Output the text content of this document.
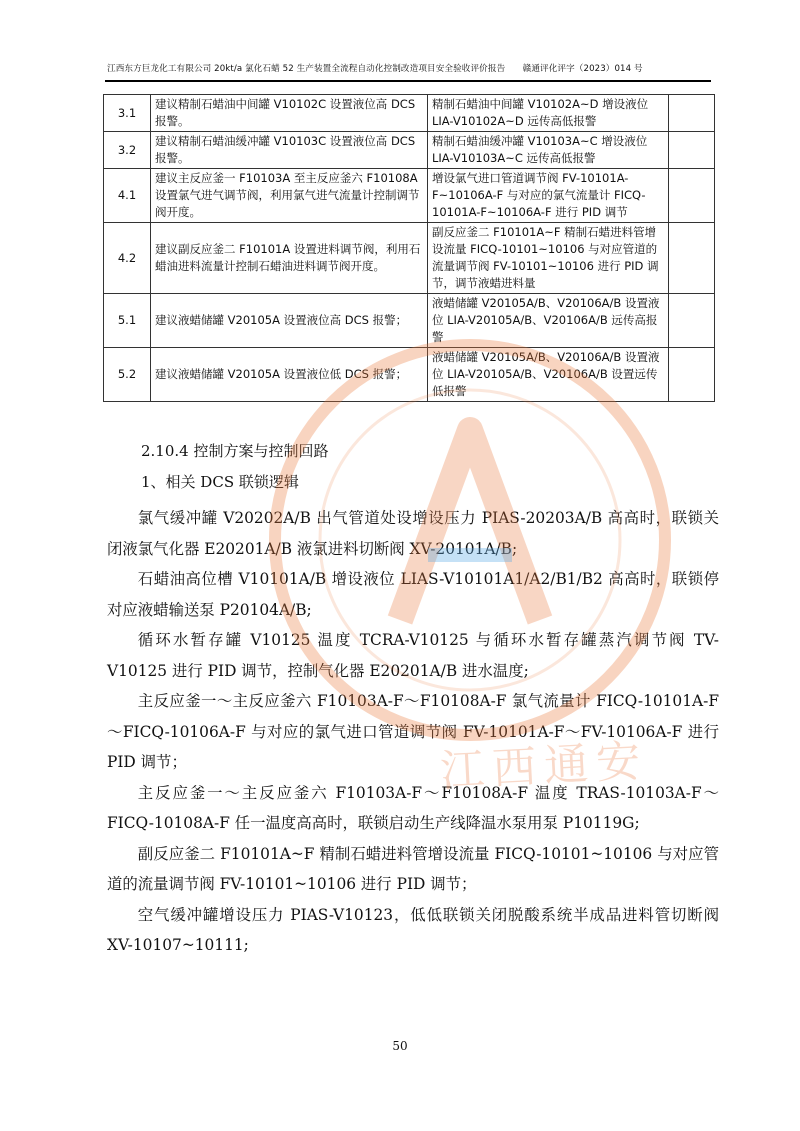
江西东方巨龙化工有限公司 20kt/a 氯化石蜡 52 生产装置全流程自动化控制改造项目安全验收评价报告　　赣通评化评字（2023）014 号
3.1	建议精制石蜡油中间罐 V10102C 设置液位高 DCS 报警。	精制石蜡油中间罐 V10102A~D 增设液位 LIA-V10102A~D 远传高低报警	
3.2	建议精制石蜡油缓冲罐 V10103C 设置液位高 DCS 报警。	精制石蜡油缓冲罐 V10103A~C 增设液位 LIA-V10103A~C 远传高低报警	
4.1	建议主反应釜一 F10103A 至主反应釜六 F10108A 设置氯气进气调节阀，利用氯气进气流量计控制调节阀开度。	增设氯气进口管道调节阀 FV-10101A-F~10106A-F 与对应的氯气流量计 FICQ-10101A-F~10106A-F 进行 PID 调节	
4.2	建议副反应釜二 F10101A 设置进料调节阀，利用石蜡油进料流量计控制石蜡油进料调节阀开度。	副反应釜二 F10101A~F 精制石蜡进料管增设流量 FICQ-10101~10106 与对应管道的流量调节阀 FV-10101~10106 进行 PID 调节，调节液蜡进料量	
5.1	建议液蜡储罐 V20105A 设置液位高 DCS 报警；	液蜡储罐 V20105A/B、V20106A/B 设置液位 LIA-V20105A/B、V20106A/B 远传高报警	
5.2	建议液蜡储罐 V20105A 设置液位低 DCS 报警；	液蜡储罐 V20105A/B、V20106A/B 设置液位 LIA-V20105A/B、V20106A/B 设置远传低报警	
2.10.4 控制方案与控制回路
1、相关 DCS 联锁逻辑

氯气缓冲罐 V20202A/B 出气管道处设增设压力 PIAS-20203A/B 高高时，联锁关闭液氯气化器 E20201A/B 液氯进料切断阀 XV-20101A/B;

石蜡油高位槽 V10101A/B 增设液位 LIAS-V10101A1/A2/B1/B2 高高时，联锁停对应液蜡输送泵 P20104A/B;

循环水暂存罐 V10125 温度 TCRA-V10125 与循环水暂存罐蒸汽调节阀 TV-V10125 进行 PID 调节，控制气化器 E20201A/B 进水温度;

主反应釜一～主反应釜六 F10103A-F～F10108A-F 氯气流量计 FICQ-10101A-F～FICQ-10106A-F 与对应的氯气进口管道调节阀 FV-10101A-F～FV-10106A-F 进行 PID 调节；

主反应釜一～主反应釜六 F10103A-F～F10108A-F 温度 TRAS-10103A-F～FICQ-10108A-F 任一温度高高时，联锁启动生产线降温水泵用泵 P10119G;

副反应釜二 F10101A~F 精制石蜡进料管增设流量 FICQ-10101~10106 与对应管道的流量调节阀 FV-10101~10106 进行 PID 调节；

空气缓冲罐增设压力 PIAS-V10123，低低联锁关闭脱酸系统半成品进料管切断阀 XV-10107~10111;

50
江西通安
